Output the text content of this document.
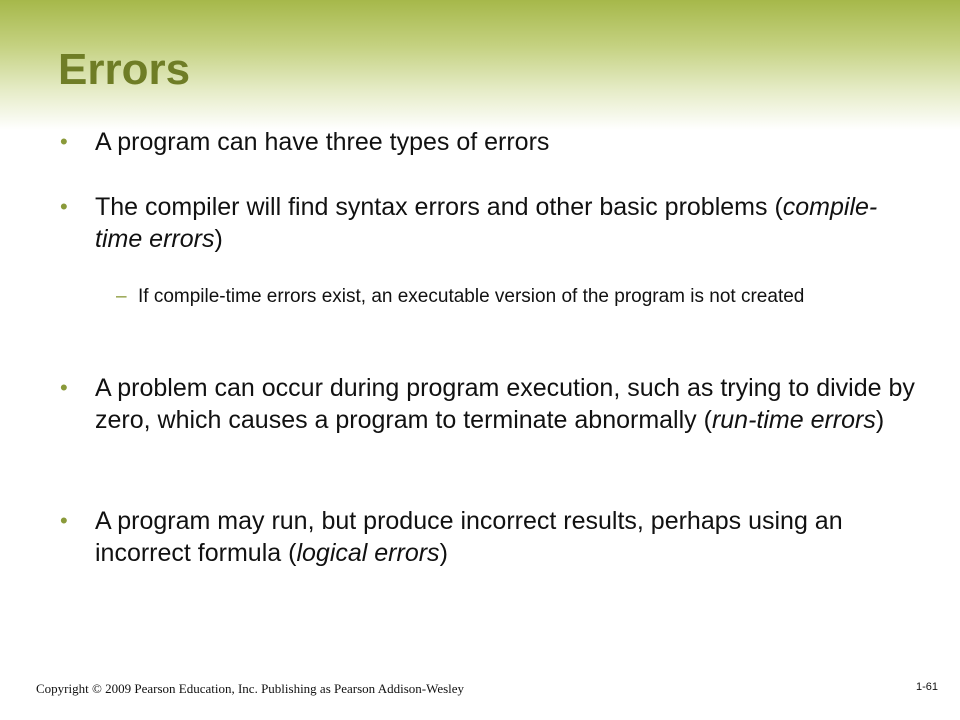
Errors
• A program can have three types of errors
• The compiler will find syntax errors and other basic problems (compile-time errors)
– If compile-time errors exist, an executable version of the program is not created
• A problem can occur during program execution, such as trying to divide by zero, which causes a program to terminate abnormally (run-time errors)
• A program may run, but produce incorrect results, perhaps using an incorrect formula (logical errors)
Copyright © 2009 Pearson Education, Inc. Publishing as Pearson Addison-Wesley	1-61
